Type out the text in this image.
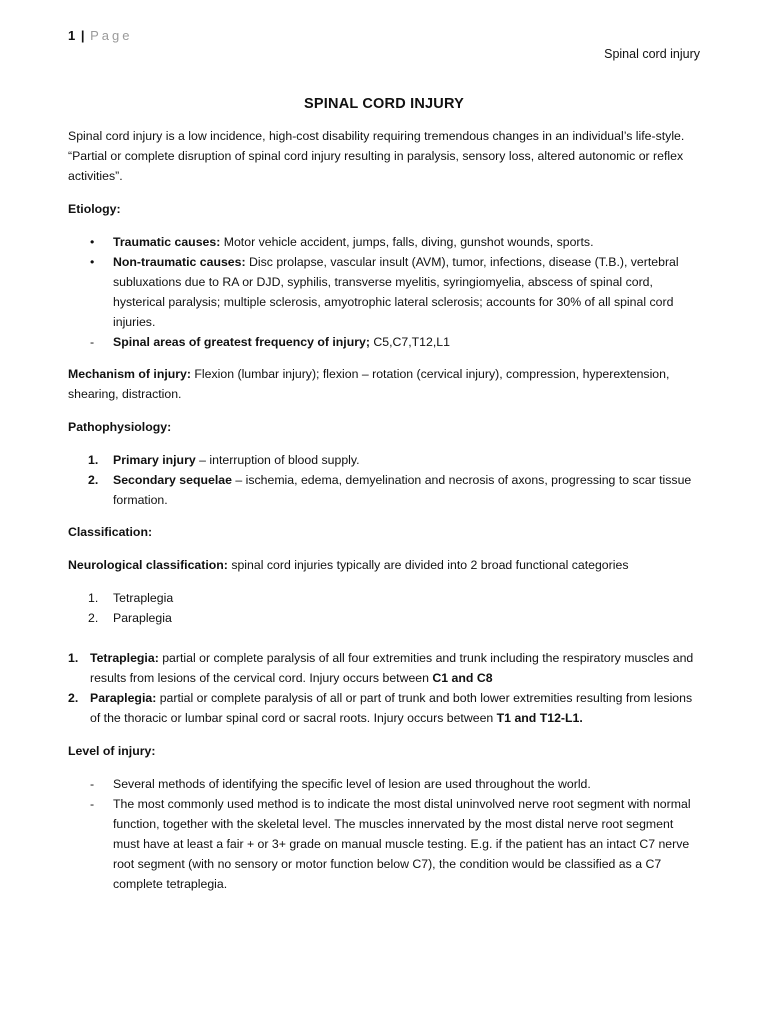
1 | Page
Spinal cord injury
SPINAL CORD INJURY

Spinal cord injury is a low incidence, high-cost disability requiring tremendous changes in an individual’s life-style. “Partial or complete disruption of spinal cord injury resulting in paralysis, sensory loss, altered autonomic or reflex activities”.

Etiology:

• Traumatic causes: Motor vehicle accident, jumps, falls, diving, gunshot wounds, sports.
• Non-traumatic causes: Disc prolapse, vascular insult (AVM), tumor, infections, disease (T.B.), vertebral subluxations due to RA or DJD, syphilis, transverse myelitis, syringiomyelia, abscess of spinal cord, hysterical paralysis; multiple sclerosis, amyotrophic lateral sclerosis; accounts for 30% of all spinal cord injuries.
- Spinal areas of greatest frequency of injury; C5,C7,T12,L1

Mechanism of injury: Flexion (lumbar injury); flexion – rotation (cervical injury), compression, hyperextension, shearing, distraction.

Pathophysiology:

1. Primary injury – interruption of blood supply.
2. Secondary sequelae – ischemia, edema, demyelination and necrosis of axons, progressing to scar tissue formation.

Classification:

Neurological classification: spinal cord injuries typically are divided into 2 broad functional categories

1. Tetraplegia
2. Paraplegia
1. Tetraplegia: partial or complete paralysis of all four extremities and trunk including the respiratory muscles and results from lesions of the cervical cord. Injury occurs between C1 and C8
2. Paraplegia: partial or complete paralysis of all or part of trunk and both lower extremities resulting from lesions of the thoracic or lumbar spinal cord or sacral roots. Injury occurs between T1 and T12-L1.

Level of injury:

- Several methods of identifying the specific level of lesion are used throughout the world.
- The most commonly used method is to indicate the most distal uninvolved nerve root segment with normal function, together with the skeletal level. The muscles innervated by the most distal nerve root segment must have at least a fair + or 3+ grade on manual muscle testing. E.g. if the patient has an intact C7 nerve root segment (with no sensory or motor function below C7), the condition would be classified as a C7 complete tetraplegia.
